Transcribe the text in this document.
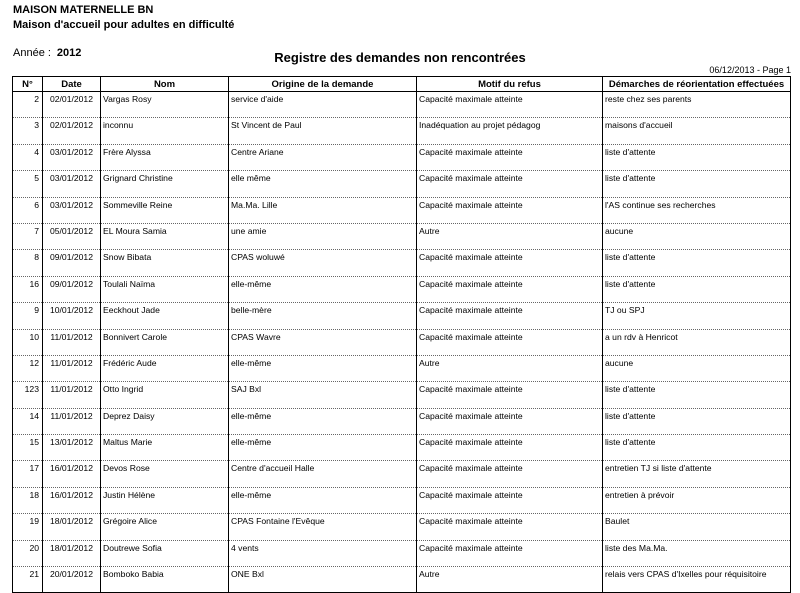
MAISON MATERNELLE BN
Maison d'accueil pour adultes en difficulté
Année : 2012	Registre des demandes non rencontrées
06/12/2013 - Page 1
N°	Date	Nom	Origine de la demande	Motif du refus	Démarches de réorientation effectuées
2	02/01/2012	Vargas Rosy	service d'aide	Capacité maximale atteinte	reste chez ses parents
3	02/01/2012	inconnu	St Vincent de Paul	Inadéquation au projet pédagog	maisons d'accueil
4	03/01/2012	Frère Alyssa	Centre Ariane	Capacité maximale atteinte	liste d'attente
5	03/01/2012	Grignard Christine	elle même	Capacité maximale atteinte	liste d'attente
6	03/01/2012	Sommeville Reine	Ma.Ma. Lille	Capacité maximale atteinte	l'AS continue ses recherches
7	05/01/2012	EL Moura Samia	une amie	Autre	aucune
8	09/01/2012	Snow Bibata	CPAS woluwé	Capacité maximale atteinte	liste d'attente
16	09/01/2012	Toulali Naïma	elle-même	Capacité maximale atteinte	liste d'attente
9	10/01/2012	Eeckhout Jade	belle-mère	Capacité maximale atteinte	TJ ou SPJ
10	11/01/2012	Bonnivert Carole	CPAS Wavre	Capacité maximale atteinte	a un rdv à Henricot
12	11/01/2012	Frédéric Aude	elle-même	Autre	aucune
123	11/01/2012	Otto Ingrid	SAJ Bxl	Capacité maximale atteinte	liste d'attente
14	11/01/2012	Deprez Daisy	elle-même	Capacité maximale atteinte	liste d'attente
15	13/01/2012	Maltus Marie	elle-même	Capacité maximale atteinte	liste d'attente
17	16/01/2012	Devos Rose	Centre d'accueil Halle	Capacité maximale atteinte	entretien TJ si liste d'attente
18	16/01/2012	Justin Hélène	elle-même	Capacité maximale atteinte	entretien à prévoir
19	18/01/2012	Grégoire Alice	CPAS Fontaine l'Evêque	Capacité maximale atteinte	Baulet
20	18/01/2012	Doutrewe Sofia	4 vents	Capacité maximale atteinte	liste des Ma.Ma.
21	20/01/2012	Bomboko Babia	ONE Bxl	Autre	relais vers CPAS d'Ixelles pour réquisitoire
